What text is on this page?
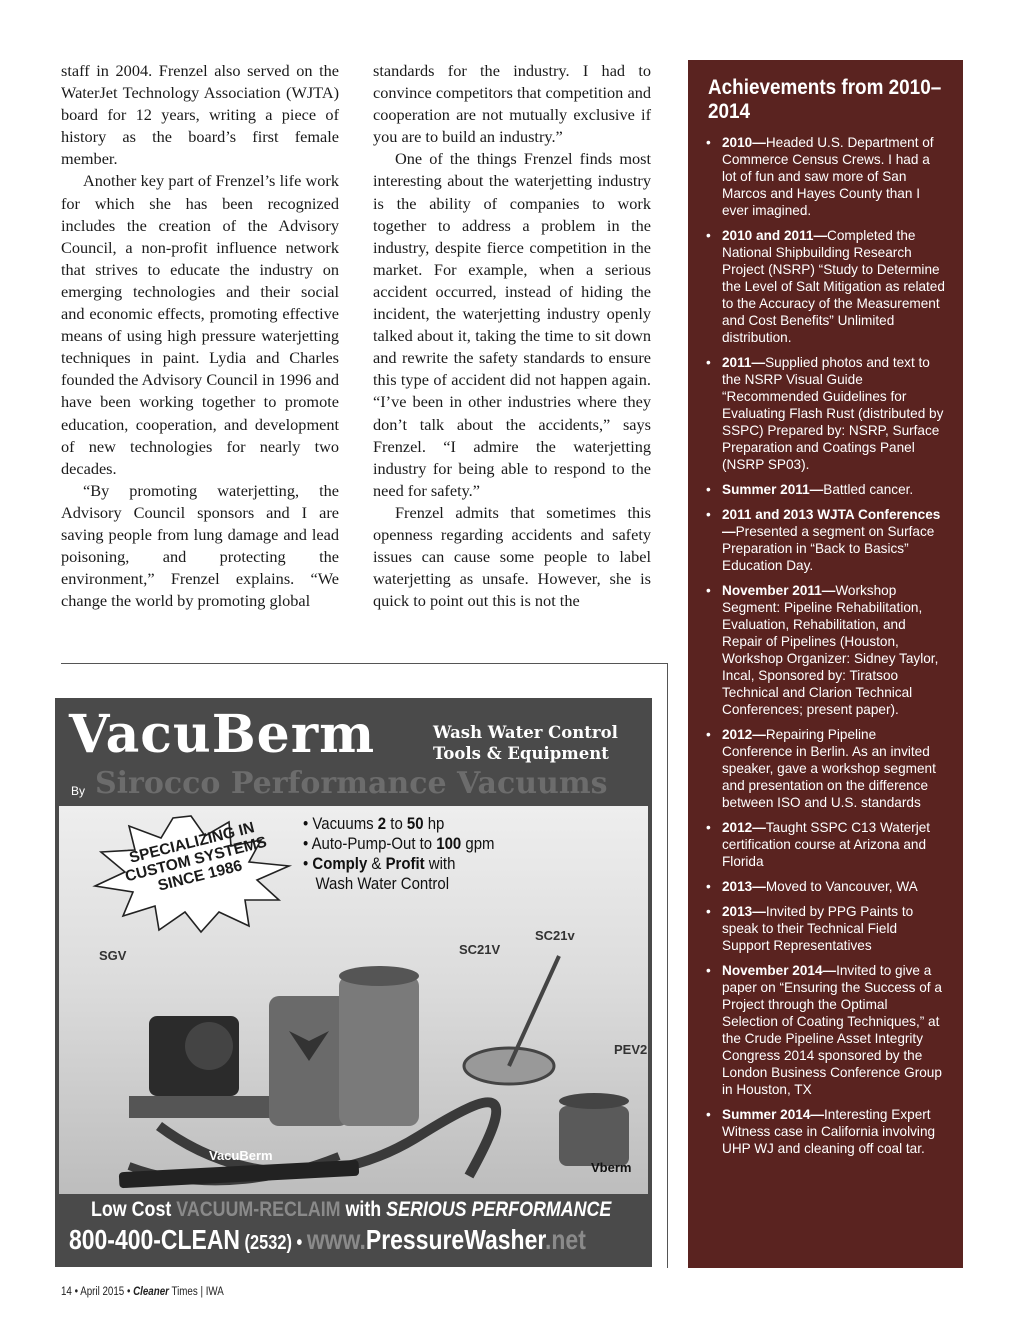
staff in 2004. Frenzel also served on the WaterJet Technology Association (WJTA) board for 12 years, writing a piece of history as the board’s first female member.

Another key part of Frenzel’s life work for which she has been recognized includes the creation of the Advisory Council, a non-profit influence network that strives to educate the industry on emerging technologies and their social and economic effects, promoting effective means of using high pressure waterjetting techniques in paint. Lydia and Charles founded the Advisory Council in 1996 and have been working together to promote education, cooperation, and development of new technologies for nearly two decades.

“By promoting waterjetting, the Advisory Council sponsors and I are saving people from lung damage and lead poisoning, and protecting the environment,” Frenzel explains. “We change the world by promoting global

standards for the industry. I had to convince competitors that competition and cooperation are not mutually exclusive if you are to build an industry.”

One of the things Frenzel finds most interesting about the waterjetting industry is the ability of companies to work together to address a problem in the industry, despite fierce competition in the market. For example, when a serious accident occurred, instead of hiding the incident, the waterjetting industry openly talked about it, taking the time to sit down and rewrite the safety standards to ensure this type of accident did not happen again. “I’ve been in other industries where they don’t talk about the accidents,” says Frenzel. “I admire the waterjetting industry for being able to respond to the need for safety.”

Frenzel admits that sometimes this openness regarding accidents and safety issues can cause some people to label waterjetting as unsafe. However, she is quick to point out this is not the

Achievements from 2010–2014
• 2010—Headed U.S. Department of Commerce Census Crews. I had a lot of fun and saw more of San Marcos and Hayes County than I ever imagined.
• 2010 and 2011—Completed the National Shipbuilding Research Project (NSRP) “Study to Determine the Level of Salt Mitigation as related to the Accuracy of the Measurement and Cost Benefits” Unlimited distribution.
• 2011—Supplied photos and text to the NSRP Visual Guide “Recommended Guidelines for Evaluating Flash Rust (distributed by SSPC) Prepared by: NSRP, Surface Preparation and Coatings Panel (NSRP SP03).
• Summer 2011—Battled cancer.
• 2011 and 2013 WJTA Conferences—Presented a segment on Surface Preparation in “Back to Basics” Education Day.
• November 2011—Workshop Segment: Pipeline Rehabilitation, Evaluation, Rehabilitation, and Repair of Pipelines (Houston, Workshop Organizer: Sidney Taylor, Incal, Sponsored by: Tiratsoo Technical and Clarion Technical Conferences; present paper).
• 2012—Repairing Pipeline Conference in Berlin. As an invited speaker, gave a workshop segment and presentation on the difference between ISO and U.S. standards
• 2012—Taught SSPC C13 Waterjet certification course at Arizona and Florida
• 2013—Moved to Vancouver, WA
• 2013—Invited by PPG Paints to speak to their Technical Field Support Representatives
• November 2014—Invited to give a paper on “Ensuring the Success of a Project through the Optimal Selection of Coating Techniques,” at the Crude Pipeline Asset Integrity Congress 2014 sponsored by the London Business Conference Group in Houston, TX
• Summer 2014—Interesting Expert Witness case in California involving UHP WJ and cleaning off coal tar.
VacuBerm	Wash Water Control
Tools & Equipment
By Sirocco Performance Vacuums
SPECIALIZING IN CUSTOM SYSTEMS SINCE 1986
• Vacuums 2 to 50 hp
• Auto-Pump-Out to 100 gpm
• Comply & Profit with
Wash Water Control
SGV	SC21V
SC21v
PEV2
VacuBerm
Vberm
Low Cost VACUUM-RECLAIM with SERIOUS PERFORMANCE
800-400-CLEAN (2532) • www.PressureWasher.net
14 • April 2015 • Cleaner Times | IWA
